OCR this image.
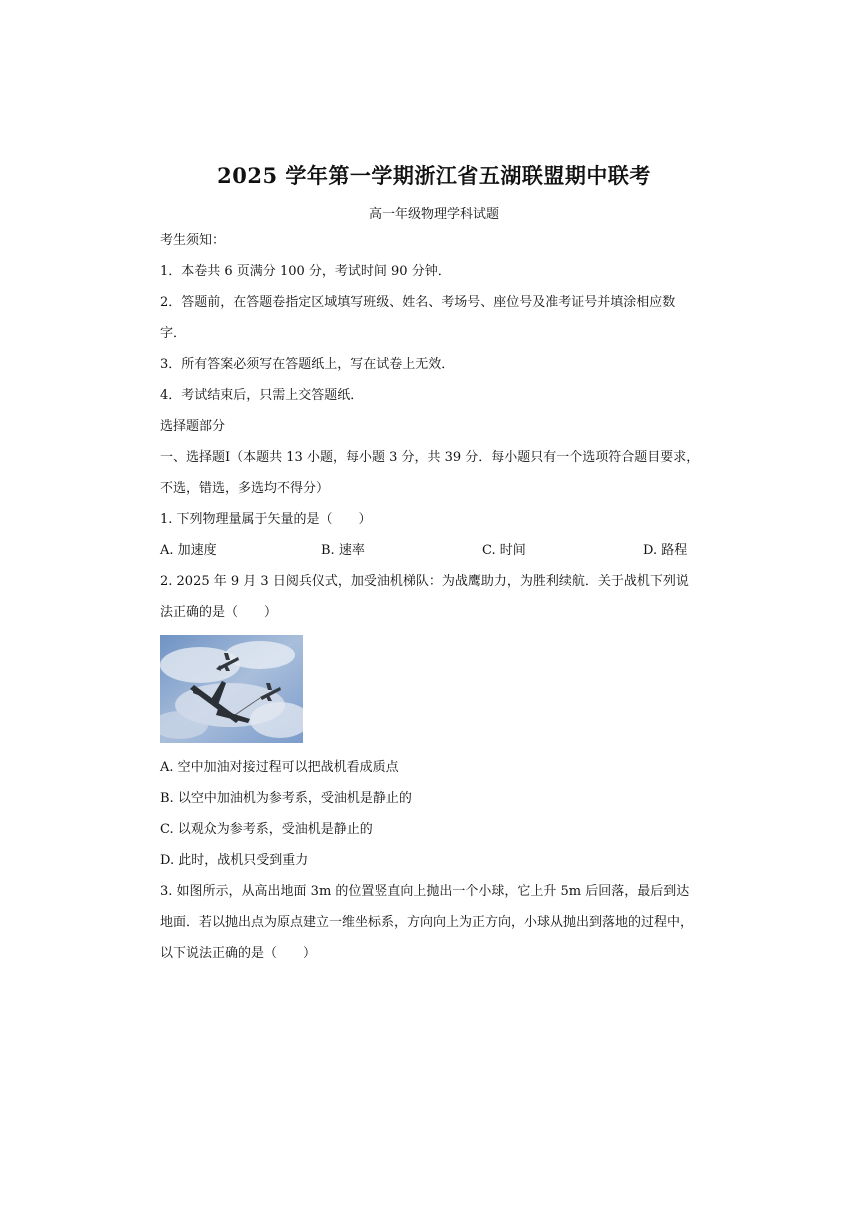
2025 学年第一学期浙江省五湖联盟期中联考
高一年级物理学科试题
考生须知：
1．本卷共 6 页满分 100 分，考试时间 90 分钟．
2．答题前，在答题卷指定区域填写班级、姓名、考场号、座位号及准考证号并填涂相应数
字．
3．所有答案必须写在答题纸上，写在试卷上无效．
4．考试结束后，只需上交答题纸．
选择题部分
一、选择题Ⅰ（本题共 13 小题，每小题 3 分，共 39 分．每小题只有一个选项符合题目要求，
不选，错选，多选均不得分）
1. 下列物理量属于矢量的是（　　）
A. 加速度	B. 速率	C. 时间	D. 路程
2. 2025 年 9 月 3 日阅兵仪式，加受油机梯队：为战鹰助力，为胜利续航．关于战机下列说
法正确的是（　　）
A. 空中加油对接过程可以把战机看成质点
B. 以空中加油机为参考系，受油机是静止的
C. 以观众为参考系，受油机是静止的
D. 此时，战机只受到重力
3. 如图所示，从高出地面 3m 的位置竖直向上抛出一个小球，它上升 5m 后回落，最后到达
地面．若以抛出点为原点建立一维坐标系，方向向上为正方向，小球从抛出到落地的过程中，
以下说法正确的是（　　）
